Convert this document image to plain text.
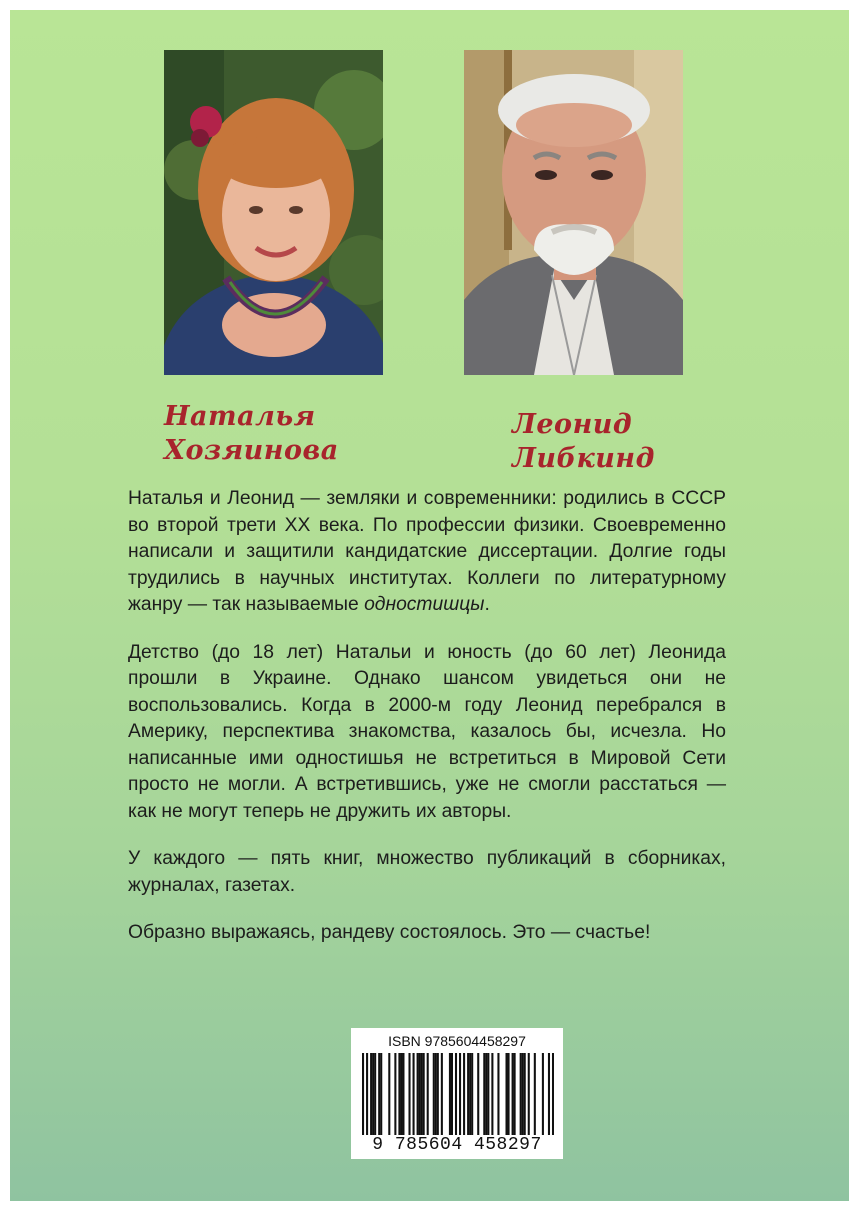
Наталья
Хозяинова
Леонид
Либкинд

Наталья и Леонид — земляки и современники: родились в СССР во второй трети XX века. По профессии физики. Своевременно написали и защитили кандидатские диссертации. Долгие годы трудились в научных институтах. Коллеги по литературному жанру — так называемые одностишцы.

Детство (до 18 лет) Натальи и юность (до 60 лет) Леонида прошли в Украине. Однако шансом увидеться они не воспользовались. Когда в 2000-м году Леонид перебрался в Америку, перспектива знакомства, казалось бы, исчезла. Но написанные ими одностишья не встретиться в Мировой Сети просто не могли. А встретившись, уже не смогли расстаться — как не могут теперь не дружить их авторы.

У каждого — пять книг, множество публикаций в сборниках, журналах, газетах.

Образно выражаясь, рандеву состоялось. Это — счастье!

ISBN 9785604458297
9 785604 458297
